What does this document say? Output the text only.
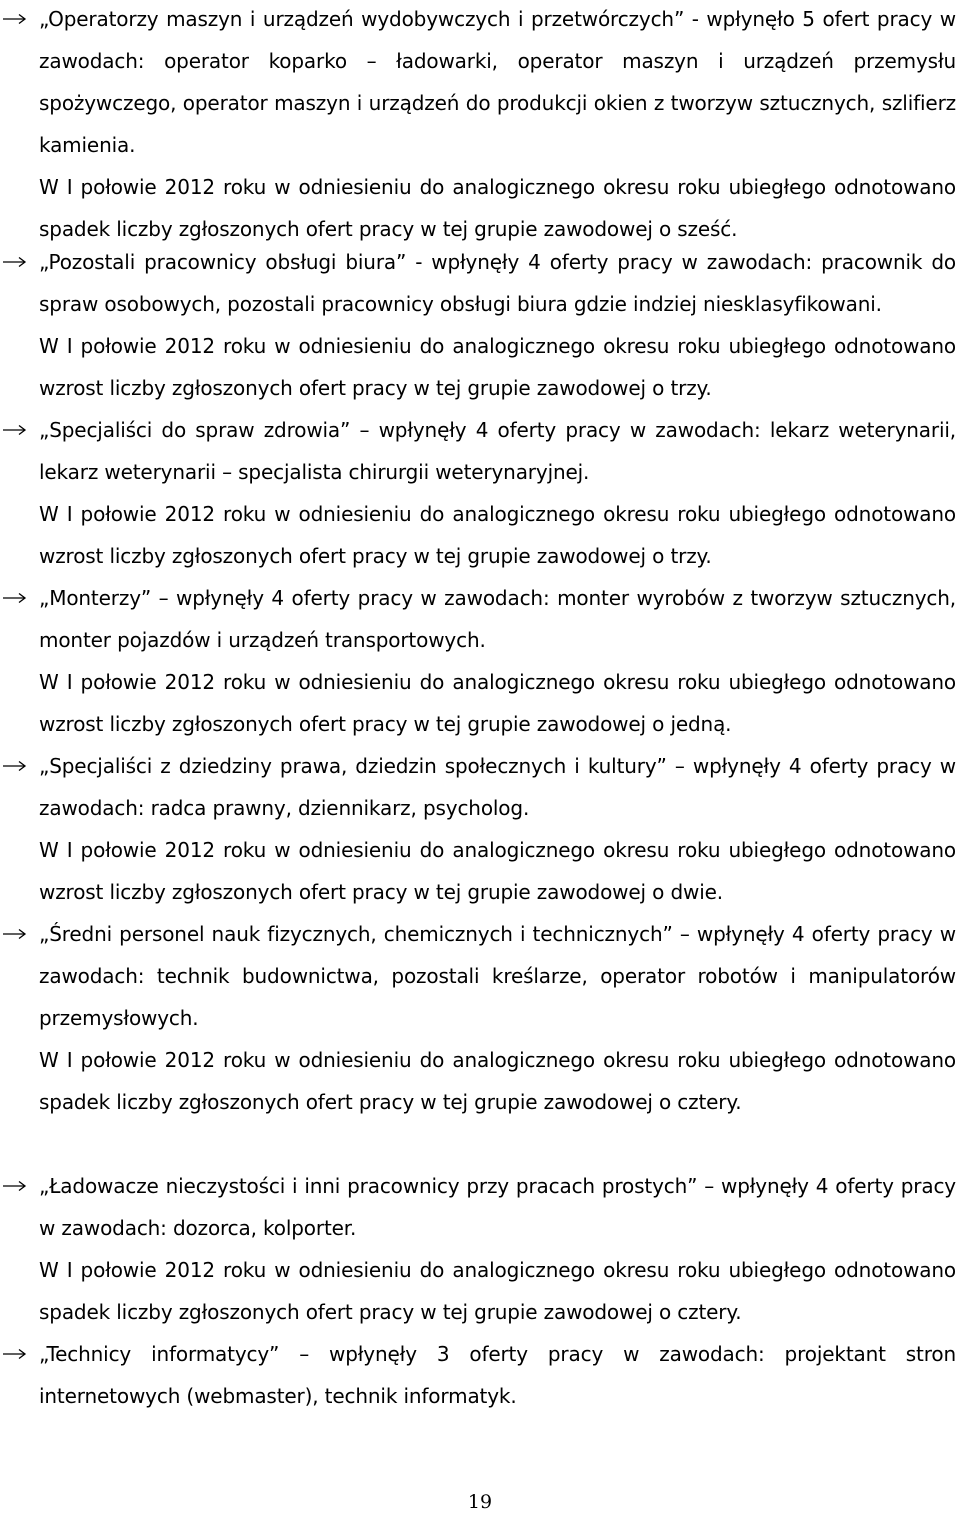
„Operatorzy maszyn i urządzeń wydobywczych i przetwórczych” - wpłynęło 5 ofert pracy w zawodach: operator koparko – ładowarki, operator maszyn i urządzeń przemysłu spożywczego, operator maszyn i urządzeń do produkcji okien z tworzyw sztucznych, szlifierz kamienia.

W I połowie 2012 roku w odniesieniu do analogicznego okresu roku ubiegłego odnotowano spadek liczby zgłoszonych ofert pracy w tej grupie zawodowej o sześć.

„Pozostali pracownicy obsługi biura” - wpłynęły 4 oferty pracy w zawodach: pracownik do spraw osobowych, pozostali pracownicy obsługi biura gdzie indziej niesklasyfikowani.

W I połowie 2012 roku w odniesieniu do analogicznego okresu roku ubiegłego odnotowano wzrost liczby zgłoszonych ofert pracy w tej grupie zawodowej o trzy.

„Specjaliści do spraw zdrowia” – wpłynęły 4 oferty pracy w zawodach: lekarz weterynarii, lekarz weterynarii – specjalista chirurgii weterynaryjnej.

W I połowie 2012 roku w odniesieniu do analogicznego okresu roku ubiegłego odnotowano wzrost liczby zgłoszonych ofert pracy w tej grupie zawodowej o trzy.

„Monterzy” – wpłynęły 4 oferty pracy w zawodach: monter wyrobów z tworzyw sztucznych, monter pojazdów i urządzeń transportowych.

W I połowie 2012 roku w odniesieniu do analogicznego okresu roku ubiegłego odnotowano wzrost liczby zgłoszonych ofert pracy w tej grupie zawodowej o jedną.

„Specjaliści z dziedziny prawa, dziedzin społecznych i kultury” – wpłynęły 4 oferty pracy w zawodach: radca prawny, dziennikarz, psycholog.

W I połowie 2012 roku w odniesieniu do analogicznego okresu roku ubiegłego odnotowano wzrost liczby zgłoszonych ofert pracy w tej grupie zawodowej o dwie.

„Średni personel nauk fizycznych, chemicznych i technicznych” – wpłynęły 4 oferty pracy w zawodach: technik budownictwa, pozostali kreślarze, operator robotów i manipulatorów przemysłowych.

W I połowie 2012 roku w odniesieniu do analogicznego okresu roku ubiegłego odnotowano spadek liczby zgłoszonych ofert pracy w tej grupie zawodowej o cztery.

„Ładowacze nieczystości i inni pracownicy przy pracach prostych” – wpłynęły 4 oferty pracy w zawodach: dozorca, kolporter.

W I połowie 2012 roku w odniesieniu do analogicznego okresu roku ubiegłego odnotowano spadek liczby zgłoszonych ofert pracy w tej grupie zawodowej o cztery.

„Technicy informatycy” – wpłynęły 3 oferty pracy w zawodach: projektant stron internetowych (webmaster), technik informatyk.

19
